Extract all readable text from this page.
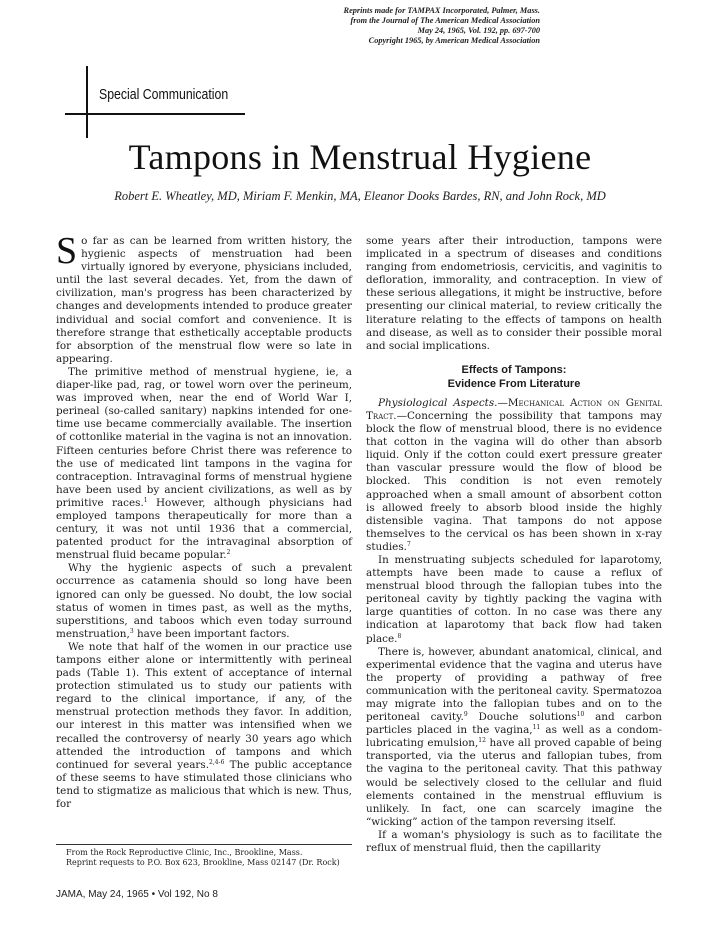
Reprints made for TAMPAX Incorporated, Palmer, Mass.
from the Journal of The American Medical Association
May 24, 1965, Vol. 192, pp. 697-700
Copyright 1965, by American Medical Association
Special Communication
Tampons in Menstrual Hygiene
Robert E. Wheatley, MD, Miriam F. Menkin, MA, Eleanor Dooks Bardes, RN, and John Rock, MD

So far as can be learned from written history, the hygienic aspects of menstruation had been virtually ignored by everyone, physicians included, until the last several decades. Yet, from the dawn of civilization, man's progress has been characterized by changes and developments intended to produce greater individual and social comfort and convenience. It is therefore strange that esthetically acceptable products for absorption of the menstrual flow were so late in appearing.

The primitive method of menstrual hygiene, ie, a diaper-like pad, rag, or towel worn over the perineum, was improved when, near the end of World War I, perineal (so-called sanitary) napkins intended for one-time use became commercially available. The insertion of cottonlike material in the vagina is not an innovation. Fifteen centuries before Christ there was reference to the use of medicated lint tampons in the vagina for contraception. Intravaginal forms of menstrual hygiene have been used by ancient civilizations, as well as by primitive races.$^1$ However, although physicians had employed tampons therapeutically for more than a century, it was not until 1936 that a commercial, patented product for the intravaginal absorption of menstrual fluid became popular.$^2$

Why the hygienic aspects of such a prevalent occurrence as catamenia should so long have been ignored can only be guessed. No doubt, the low social status of women in times past, as well as the myths, superstitions, and taboos which even today surround menstruation,$^3$ have been important factors.

We note that half of the women in our practice use tampons either alone or intermittently with perineal pads (Table 1). This extent of acceptance of internal protection stimulated us to study our patients with regard to the clinical importance, if any, of the menstrual protection methods they favor. In addition, our interest in this matter was intensified when we recalled the controversy of nearly 30 years ago which attended the introduction of tampons and which continued for several years.$^{2,4-6}$ The public acceptance of these seems to have stimulated those clinicians who tend to stigmatize as malicious that which is new. Thus, for

some years after their introduction, tampons were implicated in a spectrum of diseases and conditions ranging from endometriosis, cervicitis, and vaginitis to defloration, immorality, and contraception. In view of these serious allegations, it might be instructive, before presenting our clinical material, to review critically the literature relating to the effects of tampons on health and disease, as well as to consider their possible moral and social implications.

Effects of Tampons:
Evidence From Literature

Physiological Aspects.—Mechanical Action on Genital Tract.—Concerning the possibility that tampons may block the flow of menstrual blood, there is no evidence that cotton in the vagina will do other than absorb liquid. Only if the cotton could exert pressure greater than vascular pressure would the flow of blood be blocked. This condition is not even remotely approached when a small amount of absorbent cotton is allowed freely to absorb blood inside the highly distensible vagina. That tampons do not appose themselves to the cervical os has been shown in x-ray studies.$^7$

In menstruating subjects scheduled for laparotomy, attempts have been made to cause a reflux of menstrual blood through the fallopian tubes into the peritoneal cavity by tightly packing the vagina with large quantities of cotton. In no case was there any indication at laparotomy that back flow had taken place.$^8$

There is, however, abundant anatomical, clinical, and experimental evidence that the vagina and uterus have the property of providing a pathway of free communication with the peritoneal cavity. Spermatozoa may migrate into the fallopian tubes and on to the peritoneal cavity.$^9$ Douche solutions$^{10}$ and carbon particles placed in the vagina,$^{11}$ as well as a condom-lubricating emulsion,$^{12}$ have all proved capable of being transported, via the uterus and fallopian tubes, from the vagina to the peritoneal cavity. That this pathway would be selectively closed to the cellular and fluid elements contained in the menstrual effluvium is unlikely. In fact, one can scarcely imagine the “wicking” action of the tampon reversing itself.

If a woman's physiology is such as to facilitate the reflux of menstrual fluid, then the capillarity

From the Rock Reproductive Clinic, Inc., Brookline, Mass.

Reprint requests to P.O. Box 623, Brookline, Mass 02147 (Dr. Rock)

JAMA, May 24, 1965 • Vol 192, No 8
